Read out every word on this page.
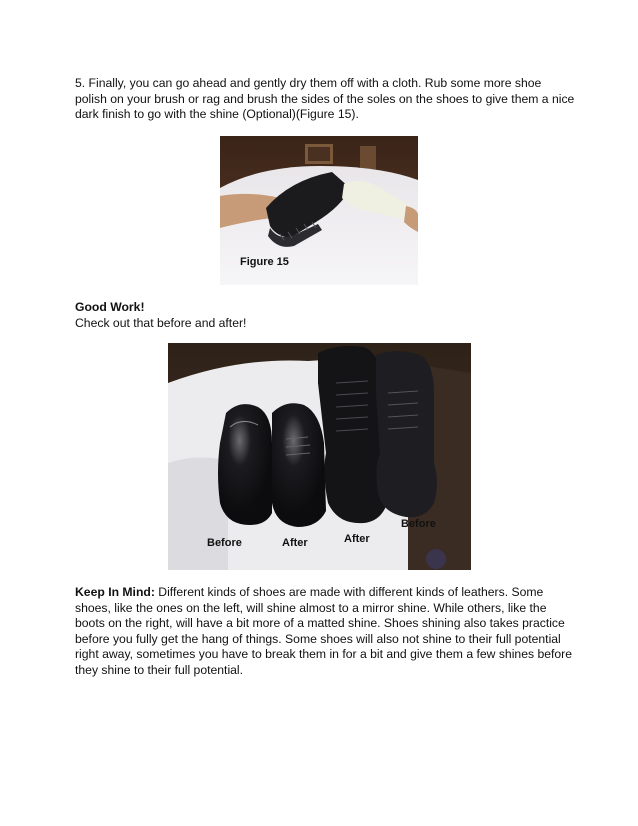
5. Finally, you can go ahead and gently dry them off with a cloth. Rub some more shoe polish on your brush or rag and brush the sides of the soles on the shoes to give them a nice dark finish to go with the shine (Optional)(Figure 15).

Figure 15

Good Work!
Check out that before and after!

Before	After	After
Before

Keep In Mind: Different kinds of shoes are made with different kinds of leathers. Some shoes, like the ones on the left, will shine almost to a mirror shine. While others, like the boots on the right, will have a bit more of a matted shine. Shoes shining also takes practice before you fully get the hang of things. Some shoes will also not shine to their full potential right away, sometimes you have to break them in for a bit and give them a few shines before they shine to their full potential.
